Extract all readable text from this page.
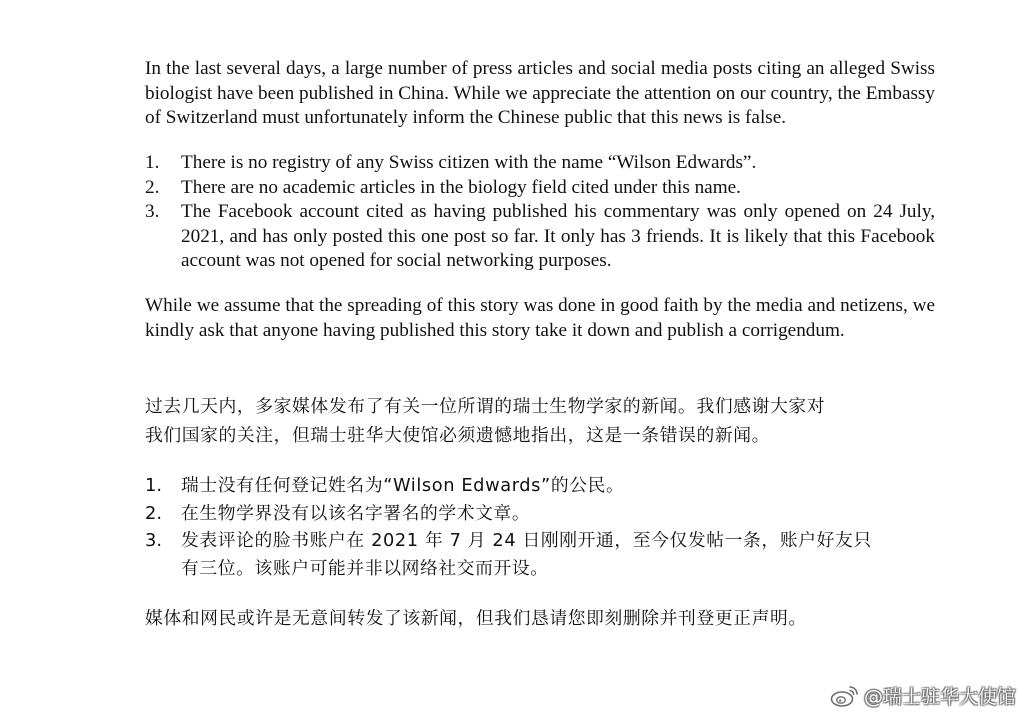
In the last several days, a large number of press articles and social media posts citing an alleged Swiss biologist have been published in China. While we appreciate the attention on our country, the Embassy of Switzerland must unfortunately inform the Chinese public that this news is false.

1. There is no registry of any Swiss citizen with the name “Wilson Edwards”.
2. There are no academic articles in the biology field cited under this name.
3. The Facebook account cited as having published his commentary was only opened on 24 July, 2021, and has only posted this one post so far. It only has 3 friends. It is likely that this Facebook account was not opened for social networking purposes.

While we assume that the spreading of this story was done in good faith by the media and netizens, we kindly ask that anyone having published this story take it down and publish a corrigendum.

过去几天内，多家媒体发布了有关一位所谓的瑞士生物学家的新闻。我们感谢大家对
我们国家的关注，但瑞士驻华大使馆必须遗憾地指出，这是一条错误的新闻。
1. 瑞士没有任何登记姓名为“Wilson Edwards”的公民。
2. 在生物学界没有以该名字署名的学术文章。
3. 发表评论的脸书账户在 2021 年 7 月 24 日刚刚开通，至今仅发帖一条，账户好友只
有三位。该账户可能并非以网络社交而开设。
媒体和网民或许是无意间转发了该新闻，但我们恳请您即刻删除并刊登更正声明。
@瑞士驻华大使馆
